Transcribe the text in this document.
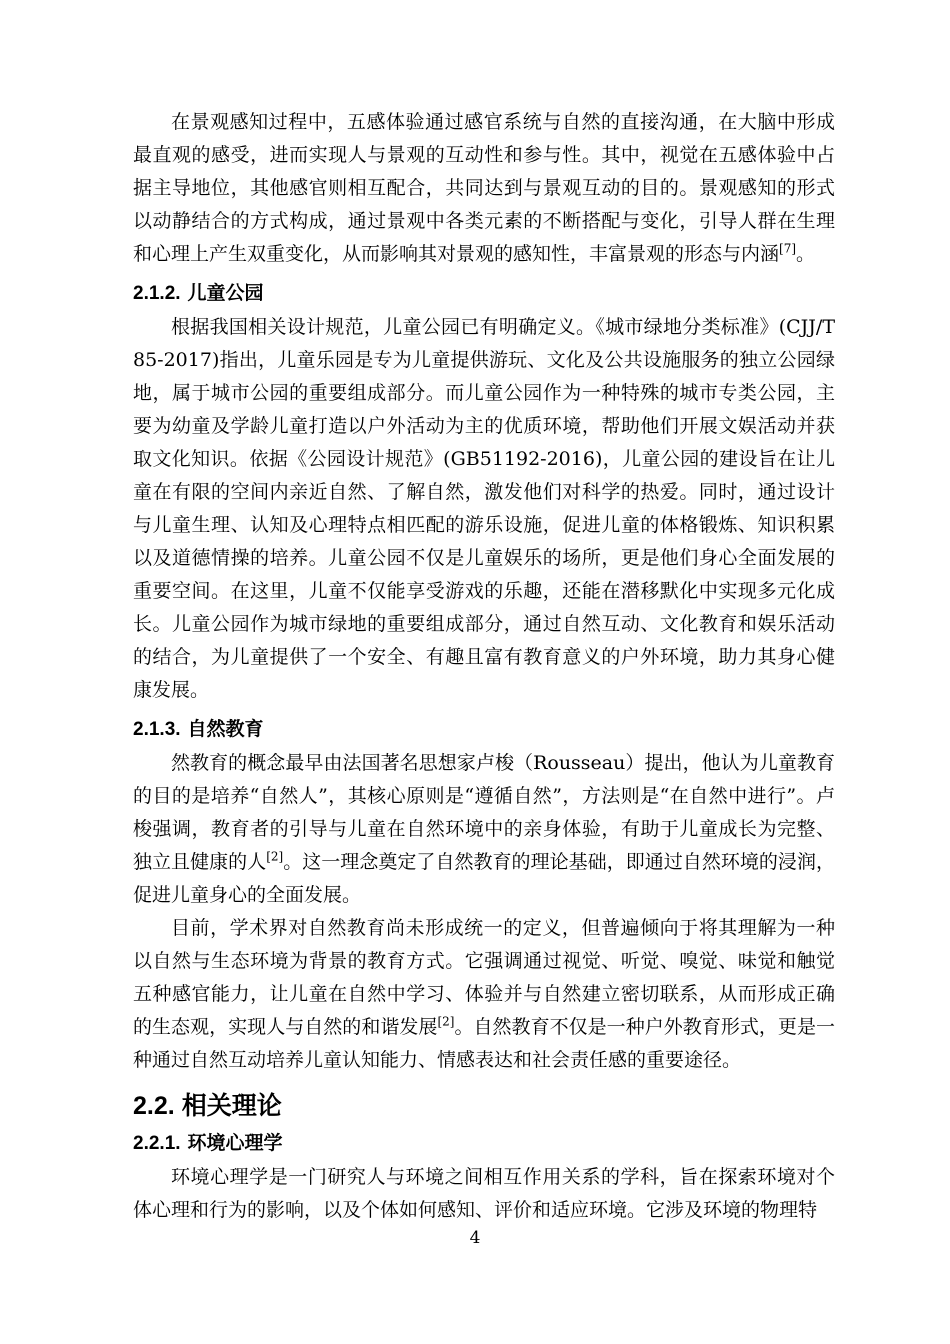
在景观感知过程中，五感体验通过感官系统与自然的直接沟通，在大脑中形成最直观的感受，进而实现人与景观的互动性和参与性。其中，视觉在五感体验中占据主导地位，其他感官则相互配合，共同达到与景观互动的目的。景观感知的形式以动静结合的方式构成，通过景观中各类元素的不断搭配与变化，引导人群在生理和心理上产生双重变化，从而影响其对景观的感知性，丰富景观的形态与内涵[7]。

2.1.2. 儿童公园

根据我国相关设计规范，儿童公园已有明确定义。《城市绿地分类标准》(CJJ/T85-2017)指出，儿童乐园是专为儿童提供游玩、文化及公共设施服务的独立公园绿地，属于城市公园的重要组成部分。而儿童公园作为一种特殊的城市专类公园，主要为幼童及学龄儿童打造以户外活动为主的优质环境，帮助他们开展文娱活动并获取文化知识。依据《公园设计规范》(GB51192-2016)，儿童公园的建设旨在让儿童在有限的空间内亲近自然、了解自然，激发他们对科学的热爱。同时，通过设计与儿童生理、认知及心理特点相匹配的游乐设施，促进儿童的体格锻炼、知识积累以及道德情操的培养。儿童公园不仅是儿童娱乐的场所，更是他们身心全面发展的重要空间。在这里，儿童不仅能享受游戏的乐趣，还能在潜移默化中实现多元化成长。儿童公园作为城市绿地的重要组成部分，通过自然互动、文化教育和娱乐活动的结合，为儿童提供了一个安全、有趣且富有教育意义的户外环境，助力其身心健康发展。

2.1.3. 自然教育

然教育的概念最早由法国著名思想家卢梭（Rousseau）提出，他认为儿童教育的目的是培养“自然人”，其核心原则是“遵循自然”，方法则是“在自然中进行”。卢梭强调，教育者的引导与儿童在自然环境中的亲身体验，有助于儿童成长为完整、独立且健康的人[2]。这一理念奠定了自然教育的理论基础，即通过自然环境的浸润，促进儿童身心的全面发展。

目前，学术界对自然教育尚未形成统一的定义，但普遍倾向于将其理解为一种以自然与生态环境为背景的教育方式。它强调通过视觉、听觉、嗅觉、味觉和触觉五种感官能力，让儿童在自然中学习、体验并与自然建立密切联系，从而形成正确的生态观，实现人与自然的和谐发展[2]。自然教育不仅是一种户外教育形式，更是一种通过自然互动培养儿童认知能力、情感表达和社会责任感的重要途径。

2.2. 相关理论
2.2.1. 环境心理学

环境心理学是一门研究人与环境之间相互作用关系的学科，旨在探索环境对个体心理和行为的影响，以及个体如何感知、评价和适应环境。它涉及环境的物理特

4
